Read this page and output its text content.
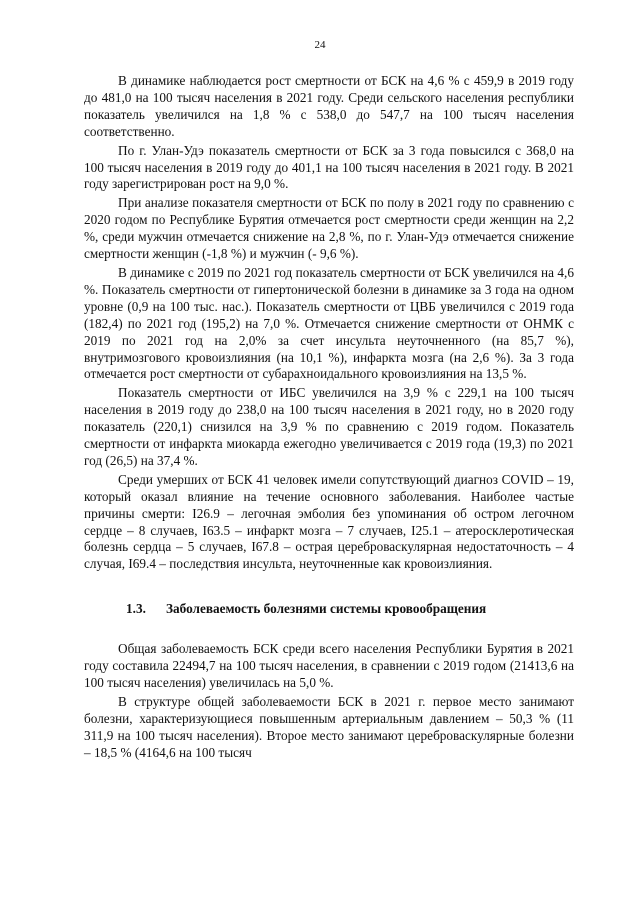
24

В динамике наблюдается рост смертности от БСК на 4,6 % с 459,9 в 2019 году до 481,0 на 100 тысяч населения в 2021 году. Среди сельского населения республики показатель увеличился на 1,8 % с 538,0 до 547,7 на 100 тысяч населения соответственно.

По г. Улан-Удэ показатель смертности от БСК за 3 года повысился с 368,0 на 100 тысяч населения в 2019 году до 401,1 на 100 тысяч населения в 2021 году. В 2021 году зарегистрирован рост на 9,0 %.

При анализе показателя смертности от БСК по полу в 2021 году по сравнению с 2020 годом по Республике Бурятия отмечается рост смертности среди женщин на 2,2 %, среди мужчин отмечается снижение на 2,8 %, по г. Улан-Удэ отмечается снижение смертности женщин (-1,8 %) и мужчин (- 9,6 %).

В динамике с 2019 по 2021 год показатель смертности от БСК увеличился на 4,6 %. Показатель смертности от гипертонической болезни в динамике за 3 года на одном уровне (0,9 на 100 тыс. нас.). Показатель смертности от ЦВБ увеличился с 2019 года (182,4) по 2021 год (195,2) на 7,0 %. Отмечается снижение смертности от ОНМК с 2019 по 2021 год на 2,0% за счет инсульта неуточненного (на 85,7 %), внутримозгового кровоизлияния (на 10,1 %), инфаркта мозга (на 2,6 %). За 3 года отмечается рост смертности от субарахноидального кровоизлияния на 13,5 %.

Показатель смертности от ИБС увеличился на 3,9 % с 229,1 на 100 тысяч населения в 2019 году до 238,0 на 100 тысяч населения в 2021 году, но в 2020 году показатель (220,1) снизился на 3,9 % по сравнению с 2019 годом. Показатель смертности от инфаркта миокарда ежегодно увеличивается с 2019 года (19,3) по 2021 год (26,5) на 37,4 %.

Среди умерших от БСК 41 человек имели сопутствующий диагноз COVID – 19, который оказал влияние на течение основного заболевания. Наиболее частые причины смерти: I26.9 – легочная эмболия без упоминания об остром легочном сердце – 8 случаев, I63.5 – инфаркт мозга – 7 случаев, I25.1 – атеросклеротическая болезнь сердца – 5 случаев, I67.8 – острая цереброваскулярная недостаточность – 4 случая, I69.4 – последствия инсульта, неуточненные как кровоизлияния.

1.3. Заболеваемость болезнями системы кровообращения

Общая заболеваемость БСК среди всего населения Республики Бурятия в 2021 году составила 22494,7 на 100 тысяч населения, в сравнении с 2019 годом (21413,6 на 100 тысяч населения) увеличилась на 5,0 %.

В структуре общей заболеваемости БСК в 2021 г. первое место занимают болезни, характеризующиеся повышенным артериальным давлением – 50,3 % (11 311,9 на 100 тысяч населения). Второе место занимают цереброваскулярные болезни – 18,5 % (4164,6 на 100 тысяч
